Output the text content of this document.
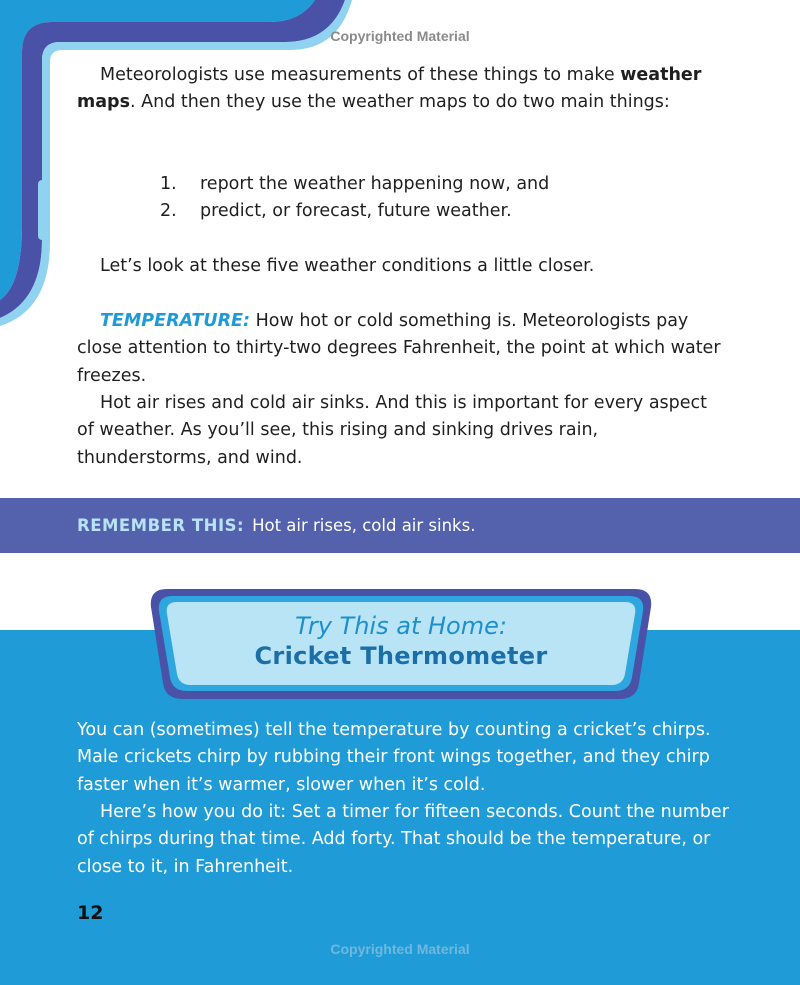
Copyrighted Material

Meteorologists use measurements of these things to make weather maps. And then they use the weather maps to do two main things:

1.	report the weather happening now, and
2.	predict, or forecast, future weather.

Let’s look at these five weather conditions a little closer.

TEMPERATURE: How hot or cold something is. Meteorologists pay close attention to thirty-two degrees Fahrenheit, the point at which water freezes.

Hot air rises and cold air sinks. And this is important for every aspect of weather. As you’ll see, this rising and sinking drives rain, thunderstorms, and wind.

REMEMBER THIS: Hot air rises, cold air sinks.
Try This at Home:
Cricket Thermometer

You can (sometimes) tell the temperature by counting a cricket’s chirps. Male crickets chirp by rubbing their front wings together, and they chirp faster when it’s warmer, slower when it’s cold.

Here’s how you do it: Set a timer for fifteen seconds. Count the number of chirps during that time. Add forty. That should be the temperature, or close to it, in Fahrenheit.

12
Copyrighted Material
